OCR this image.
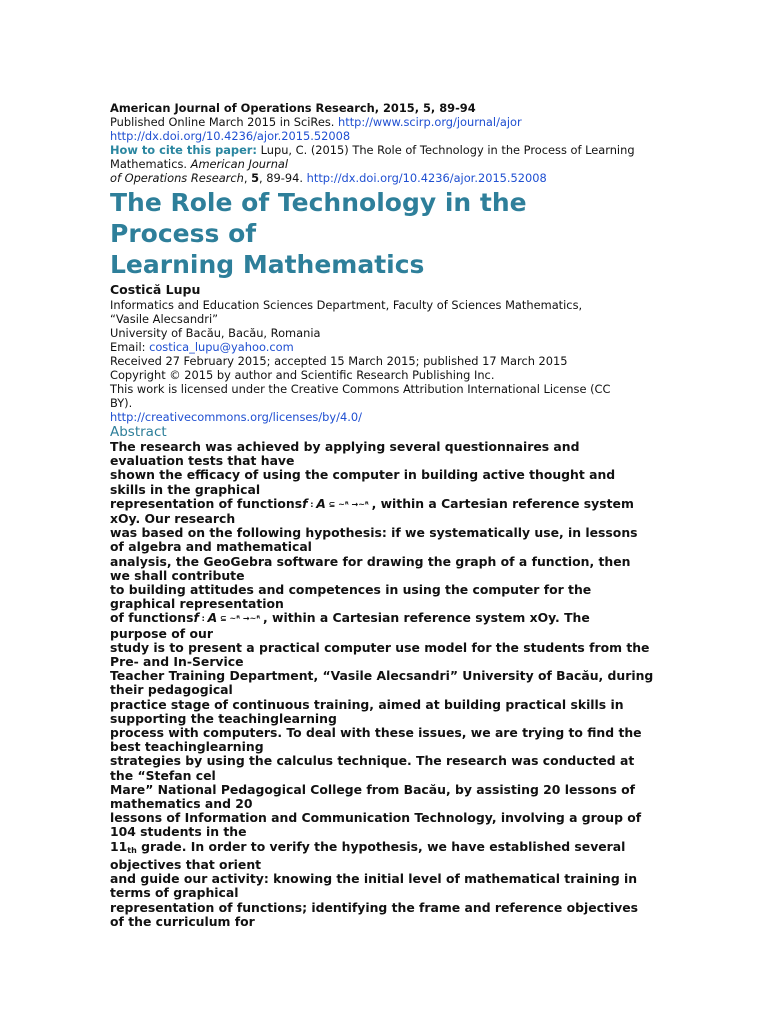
American Journal of Operations Research, 2015, 5, 89-94
Published Online March 2015 in SciRes. http://www.scirp.org/journal/ajor
http://dx.doi.org/10.4236/ajor.2015.52008
How to cite this paper: Lupu, C. (2015) The Role of Technology in the Process of Learning
Mathematics. American Journal
of Operations Research, 5, 89-94. http://dx.doi.org/10.4236/ajor.2015.52008
The Role of Technology in the
Process of
Learning Mathematics
Costică Lupu
Informatics and Education Sciences Department, Faculty of Sciences Mathematics,
“Vasile Alecsandri”
University of Bacău, Bacău, Romania
Email: costica_lupu@yahoo.com
Received 27 February 2015; accepted 15 March 2015; published 17 March 2015
Copyright © 2015 by author and Scientific Research Publishing Inc.
This work is licensed under the Creative Commons Attribution International License (CC
BY).
http://creativecommons.org/licenses/by/4.0/
Abstract
The research was achieved by applying several questionnaires and
evaluation tests that have
shown the efficacy of using the computer in building active thought and
skills in the graphical
representation of functionsf : A ⊆ ~ᴿ →~ᴿ , within a Cartesian reference system
xOy. Our research
was based on the following hypothesis: if we systematically use, in lessons
of algebra and mathematical
analysis, the GeoGebra software for drawing the graph of a function, then
we shall contribute
to building attitudes and competences in using the computer for the
graphical representation
of functionsf : A ⊆ ~ᴿ →~ᴿ , within a Cartesian reference system xOy. The
purpose of our
study is to present a practical computer use model for the students from the
Pre- and In-Service
Teacher Training Department, “Vasile Alecsandri” University of Bacău, during
their pedagogical
practice stage of continuous training, aimed at building practical skills in
supporting the teachinglearning
process with computers. To deal with these issues, we are trying to find the
best teachinglearning
strategies by using the calculus technique. The research was conducted at
the “Stefan cel
Mare” National Pedagogical College from Bacău, by assisting 20 lessons of
mathematics and 20
lessons of Information and Communication Technology, involving a group of
104 students in the
$11_{th}$ grade. In order to verify the hypothesis, we have established several
objectives that orient
and guide our activity: knowing the initial level of mathematical training in
terms of graphical
representation of functions; identifying the frame and reference objectives
of the curriculum for
